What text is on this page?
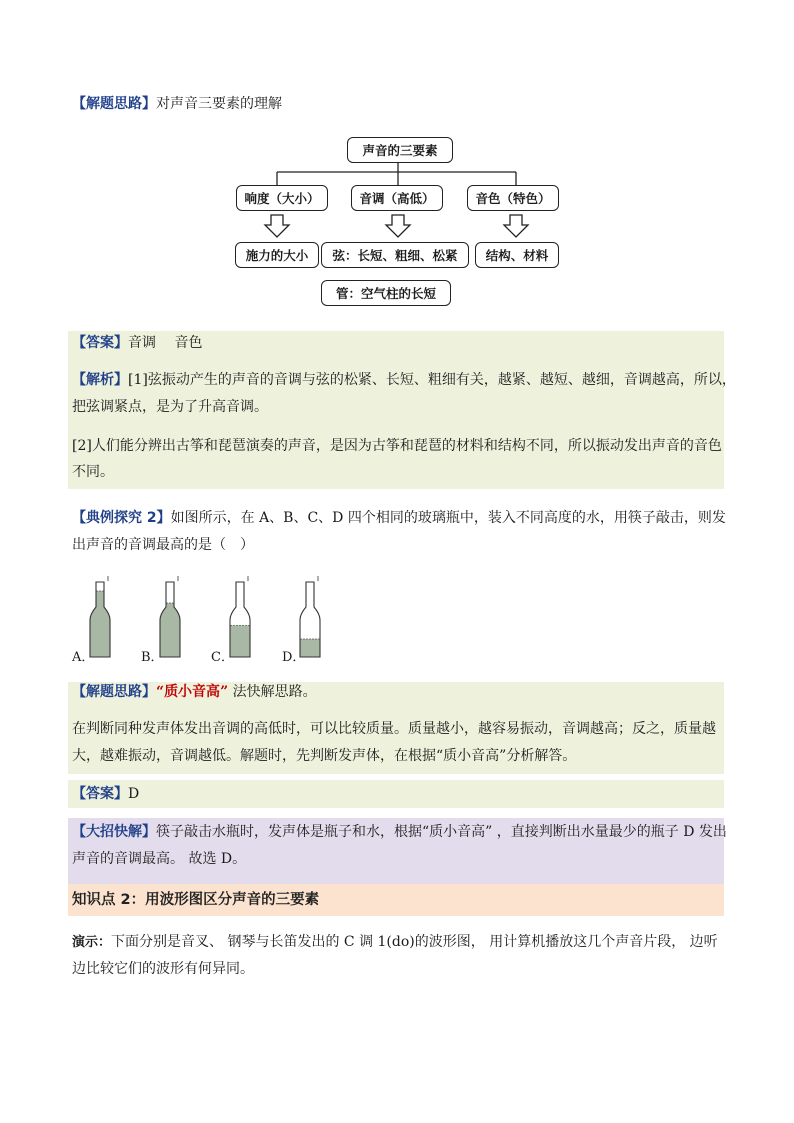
【解题思路】对声音三要素的理解
声音的三要素
响度（大小）	音调（高低）	音色（特色）
施力的大小	弦：长短、粗细、松紧	结构、材料
管：空气柱的长短
【答案】音调　 音色
【解析】[1]弦振动产生的声音的音调与弦的松紧、长短、粗细有关，越紧、越短、越细，音调越高，所以，
把弦调紧点，是为了升高音调。
[2]人们能分辨出古筝和琵琶演奏的声音，是因为古筝和琵琶的材料和结构不同，所以振动发出声音的音色
不同。
【典例探究 2】如图所示，在 A、B、C、D 四个相同的玻璃瓶中，装入不同高度的水，用筷子敲击，则发
出声音的音调最高的是（　）
A．	B．	C．	D．
【解题思路】“质小音高” 法快解思路。
在判断同种发声体发出音调的高低时，可以比较质量。质量越小，越容易振动，音调越高；反之，质量越
大，越难振动，音调越低。解题时，先判断发声体，在根据“质小音高”分析解答。
【答案】D
【大招快解】筷子敲击水瓶时，发声体是瓶子和水，根据“质小音高” ，直接判断出水量最少的瓶子 D 发出
声音的音调最高。 故选 D。
知识点 2：用波形图区分声音的三要素
演示：下面分别是音叉、 钢琴与长笛发出的 C 调 1(do)的波形图， 用计算机播放这几个声音片段， 边听
边比较它们的波形有何异同。
